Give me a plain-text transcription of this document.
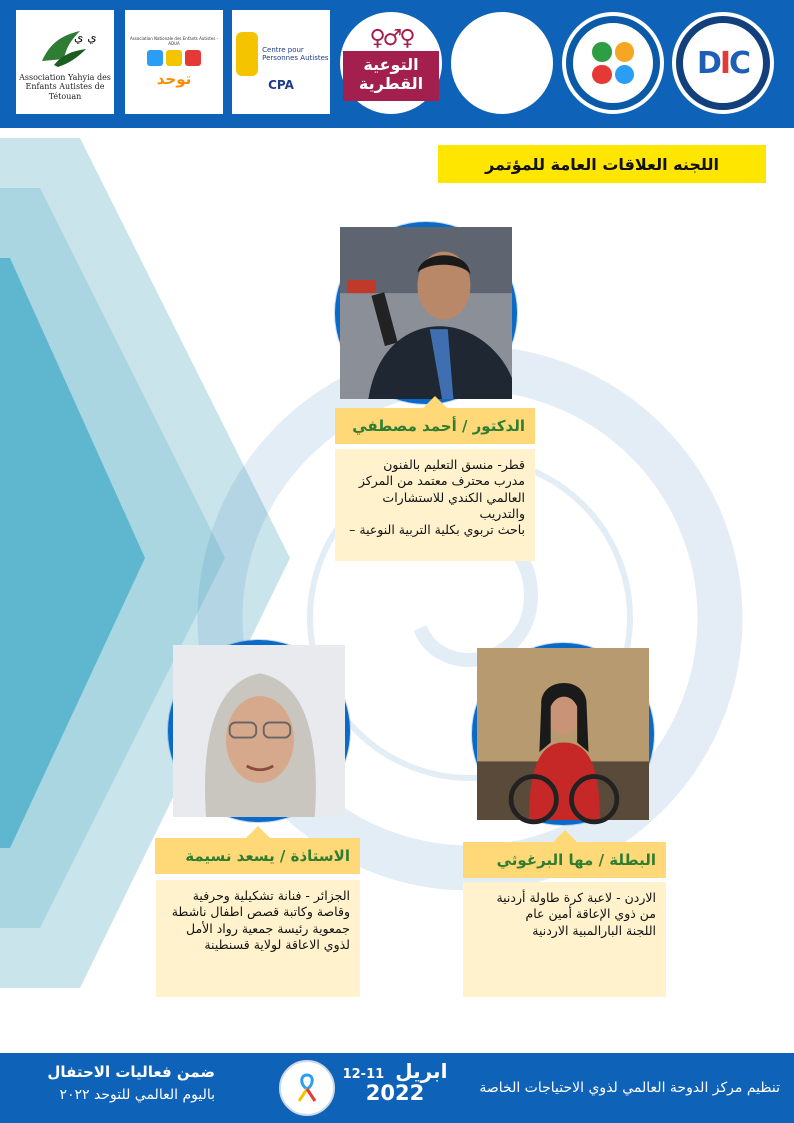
ي ي
Association Yahyia des Enfants Autistes de Tétouan
Association Nationale des Enfants Autistes - ADUA
توحد
Centre pour Personnes Autistes
CPA
♀♂♀
التوعية القطرية
B
BEVOL	DIC
اللجنه العلاقات العامة للمؤتمر
الدكتور / أحمد مصطفي
قطر- منسق التعليم بالفنون
مدرب محترف معتمد من المركز
العالمي الكندي للاستشارات
والتدريب
باحث تربوي بكلية التربية النوعية –
الاستاذة / يسعد نسيمة
الجزائر - فنانة تشكيلية وحرفية
وقاصة وكاتبة قصص اطفال ناشطة
جمعوية رئيسة جمعية رواد الأمل
لذوي الاعاقة لولاية قسنطينة
البطلة / مها البرغوثي
الاردن - لاعبة كرة طاولة أردنية
من ذوي الإعاقة أمين عام
اللجنة البارالمبية الاردنية
ضمن فعاليات الاحتفال
باليوم العالمي للتوحد ٢٠٢٢
ابريل 11-12
2022	تنظيم مركز الدوحة العالمي لذوي الاحتياجات الخاصة
